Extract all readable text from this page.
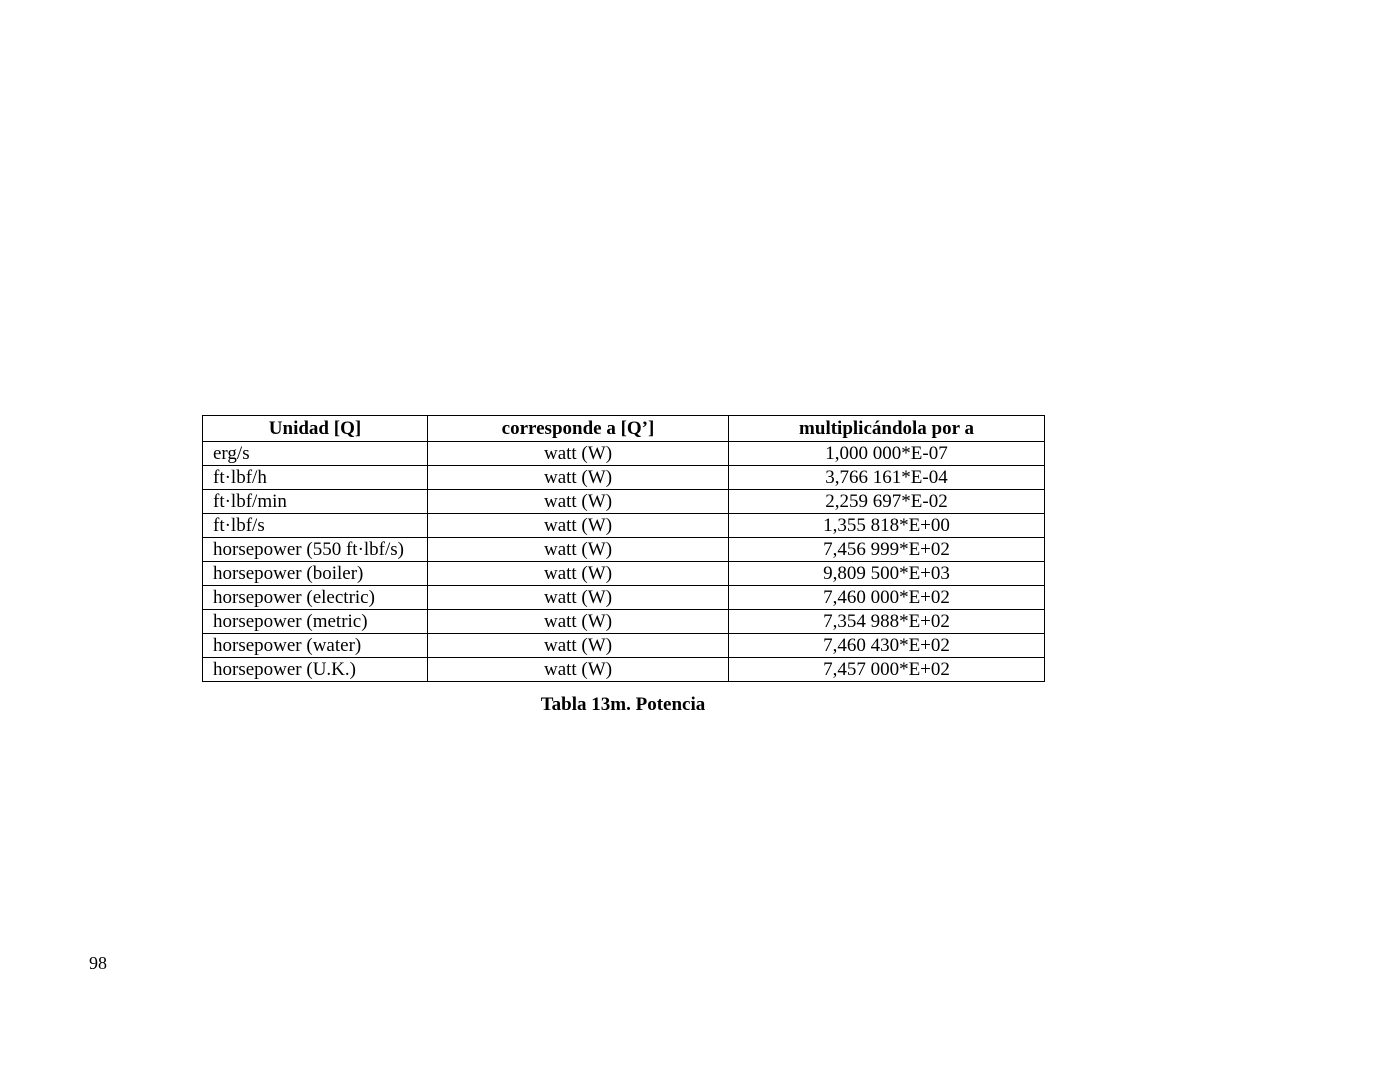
Unidad [Q]	corresponde a [Q’]	multiplicándola por a
erg/s	watt (W)	1,000 000*E-07
ft·lbf/h	watt (W)	3,766 161*E-04
ft·lbf/min	watt (W)	2,259 697*E-02
ft·lbf/s	watt (W)	1,355 818*E+00
horsepower (550 ft·lbf/s)	watt (W)	7,456 999*E+02
horsepower (boiler)	watt (W)	9,809 500*E+03
horsepower (electric)	watt (W)	7,460 000*E+02
horsepower (metric)	watt (W)	7,354 988*E+02
horsepower (water)	watt (W)	7,460 430*E+02
horsepower (U.K.)	watt (W)	7,457 000*E+02
Tabla 13m. Potencia
98
